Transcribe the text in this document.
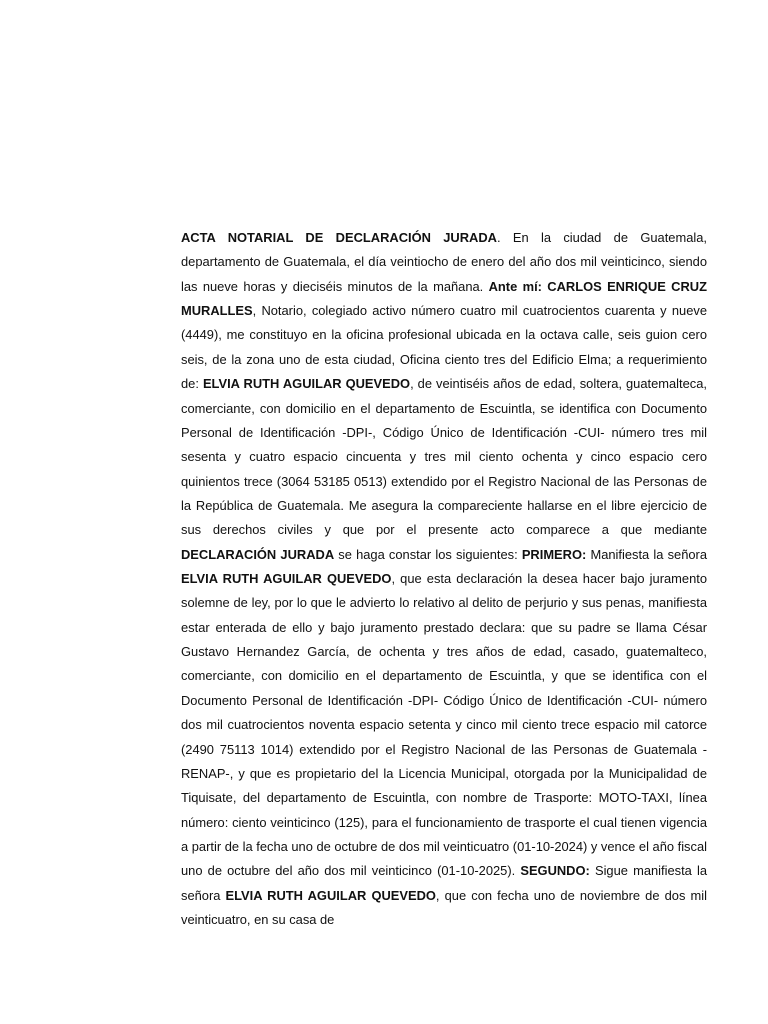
ACTA NOTARIAL DE DECLARACIÓN JURADA. En la ciudad de Guatemala, departamento de Guatemala, el día veintiocho de enero del año dos mil veinticinco, siendo las nueve horas y dieciséis minutos de la mañana. Ante mí: CARLOS ENRIQUE CRUZ MURALLES, Notario, colegiado activo número cuatro mil cuatrocientos cuarenta y nueve (4449), me constituyo en la oficina profesional ubicada en la octava calle, seis guion cero seis, de la zona uno de esta ciudad, Oficina ciento tres del Edificio Elma; a requerimiento de: ELVIA RUTH AGUILAR QUEVEDO, de veintiséis años de edad, soltera, guatemalteca, comerciante, con domicilio en el departamento de Escuintla, se identifica con Documento Personal de Identificación -DPI-, Código Único de Identificación -CUI- número tres mil sesenta y cuatro espacio cincuenta y tres mil ciento ochenta y cinco espacio cero quinientos trece (3064 53185 0513) extendido por el Registro Nacional de las Personas de la República de Guatemala. Me asegura la compareciente hallarse en el libre ejercicio de sus derechos civiles y que por el presente acto comparece a que mediante DECLARACIÓN JURADA se haga constar los siguientes: PRIMERO: Manifiesta la señora ELVIA RUTH AGUILAR QUEVEDO, que esta declaración la desea hacer bajo juramento solemne de ley, por lo que le advierto lo relativo al delito de perjurio y sus penas, manifiesta estar enterada de ello y bajo juramento prestado declara: que su padre se llama César Gustavo Hernandez García, de ochenta y tres años de edad, casado, guatemalteco, comerciante, con domicilio en el departamento de Escuintla, y que se identifica con el Documento Personal de Identificación -DPI- Código Único de Identificación -CUI- número dos mil cuatrocientos noventa espacio setenta y cinco mil ciento trece espacio mil catorce (2490 75113 1014) extendido por el Registro Nacional de las Personas de Guatemala -RENAP-, y que es propietario del la Licencia Municipal, otorgada por la Municipalidad de Tiquisate, del departamento de Escuintla, con nombre de Trasporte: MOTO-TAXI, línea número: ciento veinticinco (125), para el funcionamiento de trasporte el cual tienen vigencia a partir de la fecha uno de octubre de dos mil veinticuatro (01-10-2024) y vence el año fiscal uno de octubre del año dos mil veinticinco (01-10-2025). SEGUNDO: Sigue manifiesta la señora ELVIA RUTH AGUILAR QUEVEDO, que con fecha uno de noviembre de dos mil veinticuatro, en su casa de
